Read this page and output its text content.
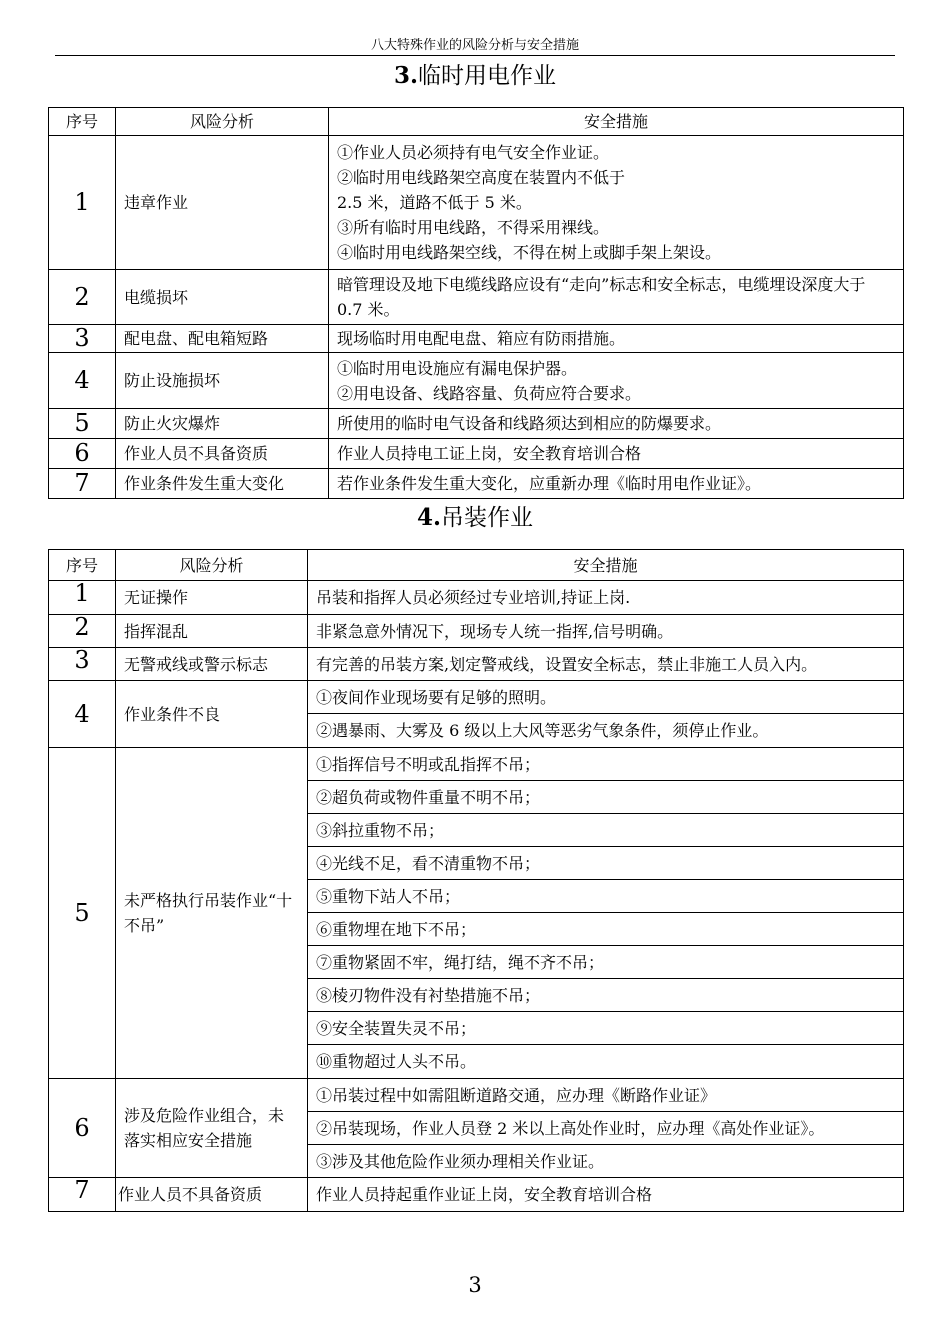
八大特殊作业的风险分析与安全措施
3.临时用电作业
序号	风险分析	安全措施
1	违章作业	①作业人员必须持有电气安全作业证。
②临时用电线路架空高度在装置内不低于
2.5 米，道路不低于 5 米。
③所有临时用电线路，不得采用裸线。
④临时用电线路架空线，不得在树上或脚手架上架设。

2	电缆损坏	暗管理设及地下电缆线路应设有“走向”标志和安全标志，电缆埋设深度大于 0.7 米。

3	配电盘、配电箱短路	现场临时用电配电盘、箱应有防雨措施。

4	防止设施损坏	①临时用电设施应有漏电保护器。
②用电设备、线路容量、负荷应符合要求。

5	防止火灾爆炸	所使用的临时电气设备和线路须达到相应的防爆要求。

6	作业人员不具备资质	作业人员持电工证上岗，安全教育培训合格

7	作业条件发生重大变化	若作业条件发生重大变化，应重新办理《临时用电作业证》。
4.吊装作业
序号	风险分析	安全措施
1	无证操作	吊装和指挥人员必须经过专业培训,持证上岗.

2	指挥混乱	非紧急意外情况下，现场专人统一指挥,信号明确。

3	无警戒线或警示标志	有完善的吊装方案,划定警戒线，设置安全标志，禁止非施工人员入内。

4	作业条件不良	①夜间作业现场要有足够的照明。
		②遇暴雨、大雾及 6 级以上大风等恶劣气象条件，须停止作业。
5	未严格执行吊装作业“十不吊”	①指挥信号不明或乱指挥不吊；
		②超负荷或物件重量不明不吊；
		③斜拉重物不吊；
		④光线不足，看不清重物不吊；
		⑤重物下站人不吊；
		⑥重物埋在地下不吊；
		⑦重物紧固不牢，绳打结，绳不齐不吊；
		⑧棱刃物件没有衬垫措施不吊；
		⑨安全装置失灵不吊；
		⑩重物超过人头不吊。
6	涉及危险作业组合，未落实相应安全措施	①吊装过程中如需阻断道路交通，应办理《断路作业证》
		②吊装现场，作业人员登 2 米以上高处作业时，应办理《高处作业证》。
		③涉及其他危险作业须办理相关作业证。
7	作业人员不具备资质	作业人员持起重作业证上岗，安全教育培训合格
3
